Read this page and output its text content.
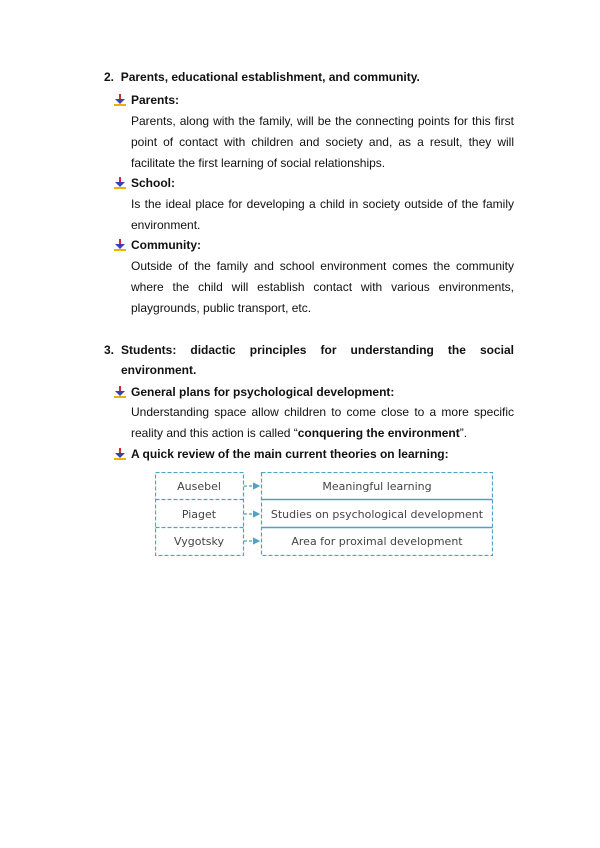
2. Parents, educational establishment, and community.
Parents:
Parents, along with the family, will be the connecting points for this first
point of contact with children and society and, as a result, they will
facilitate the first learning of social relationships.
School:
Is the ideal place for developing a child in society outside of the family
environment.
Community:
Outside of the family and school environment comes the community
where the child will establish contact with various environments,
playgrounds, public transport, etc.
3. Students: didactic principles for understanding the social
environment.
General plans for psychological development:
Understanding space allow children to come close to a more specific
reality and this action is called “conquering the environment”.
A quick review of the main current theories on learning:
Ausebel
Piaget
Vygotsky
Meaningful learning
Studies on psychological development
Area for proximal development
